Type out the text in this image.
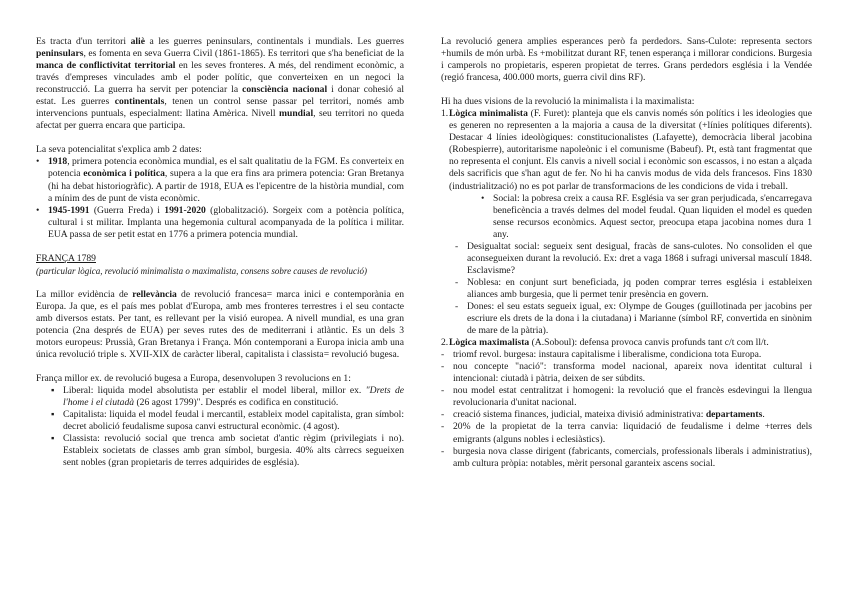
Es tracta d'un territori aliè a les guerres peninsulars, continentals i mundials. Les guerres peninsulars, es fomenta en seva Guerra Civil (1861-1865). Es territori que s'ha beneficiat de la manca de conflictivitat territorial en les seves fronteres. A més, del rendiment econòmic, a través d'empreses vinculades amb el poder polític, que converteixen en un negoci la reconstrucció. La guerra ha servit per potenciar la consciència nacional i donar cohesió al estat. Les guerres continentals, tenen un control sense passar pel territori, només amb intervencions puntuals, especialment: llatina Amèrica. Nivell mundial, seu territori no queda afectat per guerra encara que participa.

La seva potencialitat s'explica amb 2 dates:

• 1918, primera potencia econòmica mundial, es el salt qualitatiu de la FGM. Es converteix en potencia econòmica i política, supera a la que era fins ara primera potencia: Gran Bretanya (hi ha debat historiogràfic). A partir de 1918, EUA es l'epicentre de la història mundial, com a mínim des de punt de vista econòmic.
• 1945-1991 (Guerra Freda) i 1991-2020 (globalització). Sorgeix com a potència política, cultural i st militar. Implanta una hegemonia cultural acompanyada de la política i militar. EUA passa de ser petit estat en 1776 a primera potencia mundial.

FRANÇA 1789

(particular lògica, revolució minimalista o maximalista, consens sobre causes de revolució)

La millor evidència de rellevància de revolució francesa= marca inici e contemporània en Europa. Ja que, es el país mes poblat d'Europa, amb mes fronteres terrestres i el seu contacte amb diversos estats. Per tant, es rellevant per la visió europea. A nivell mundial, es una gran potencia (2na després de EUA) per seves rutes des de mediterrani i atlàntic. Es un dels 3 motors europeus: Prussià, Gran Bretanya i França. Món contemporani a Europa inicia amb una única revolució triple s. XVII-XIX de caràcter liberal, capitalista i classista= revolució bugesa.

França millor ex. de revolució bugesa a Europa, desenvolupen 3 revolucions en 1:

▪ Liberal: liquida model absolutista per establir el model liberal, millor ex. "Drets de l'home i el ciutadà (26 agost 1799)". Després es codifica en constitució.
▪ Capitalista: liquida el model feudal i mercantil, estableix model capitalista, gran símbol: decret abolició feudalisme suposa canvi estructural econòmic. (4 agost).
▪ Classista: revolució social que trenca amb societat d'antic règim (privilegiats i no). Estableix societats de classes amb gran símbol, burgesia. 40% alts càrrecs segueixen sent nobles (gran propietaris de terres adquirides de església).

La revolució genera amplies esperances però fa perdedors. Sans-Culote: representa sectors +humils de món urbà. Es +mobilitzat durant RF, tenen esperança i millorar condicions. Burgesia i camperols no propietaris, esperen propietat de terres. Grans perdedors església i la Vendée (regió francesa, 400.000 morts, guerra civil dins RF).

Hi ha dues visions de la revolució la minimalista i la maximalista:

1. Lògica minimalista (F. Furet): planteja que els canvis només són polítics i les ideologies que es generen no representen a la majoria a causa de la diversitat (+línies polítiques diferents). Destacar 4 línies ideològiques: constitucionalistes (Lafayette), democràcia liberal jacobina (Robespierre), autoritarisme napoleònic i el comunisme (Babeuf). Pt, està tant fragmentat que no representa el conjunt. Els canvis a nivell social i econòmic son escassos, i no estan a alçada dels sacrificis que s'han agut de fer. No hi ha canvis modus de vida dels francesos. Fins 1830 (industrialització) no es pot parlar de transformacions de les condicions de vida i treball.
• Social: la pobresa creix a causa RF. Església va ser gran perjudicada, s'encarregava beneficència a través delmes del model feudal. Quan liquiden el model es queden sense recursos econòmics. Aquest sector, preocupa etapa jacobina nomes dura 1 any.
- Desigualtat social: segueix sent desigual, fracàs de sans-culotes. No consoliden el que aconsegueixen durant la revolució. Ex: dret a vaga 1868 i sufragi universal masculí 1848. Esclavisme?
- Noblesa: en conjunt surt beneficiada, jq poden comprar terres església i estableixen aliances amb burgesia, que li permet tenir presència en govern.
- Dones: el seu estats segueix igual, ex: Olympe de Gouges (guillotinada per jacobins per escriure els drets de la dona i la ciutadana) i Marianne (símbol RF, convertida en sinònim de mare de la pàtria).
2. Lògica maximalista (A.Soboul): defensa provoca canvis profunds tant c/t com ll/t.
- triomf revol. burgesa: instaura capitalisme i liberalisme, condiciona tota Europa.
- nou concepte "nació": transforma model nacional, apareix nova identitat cultural i intencional: ciutadà i pàtria, deixen de ser súbdits.
- nou model estat centralitzat i homogeni: la revolució que el francès esdevingui la llengua revolucionaria d'unitat nacional.
- creació sistema finances, judicial, mateixa divisió administrativa: departaments.
- 20% de la propietat de la terra canvia: liquidació de feudalisme i delme +terres dels emigrants (alguns nobles i eclesiàstics).
- burgesia nova classe dirigent (fabricants, comercials, professionals liberals i administratius), amb cultura pròpia: notables, mèrit personal garanteix ascens social.
